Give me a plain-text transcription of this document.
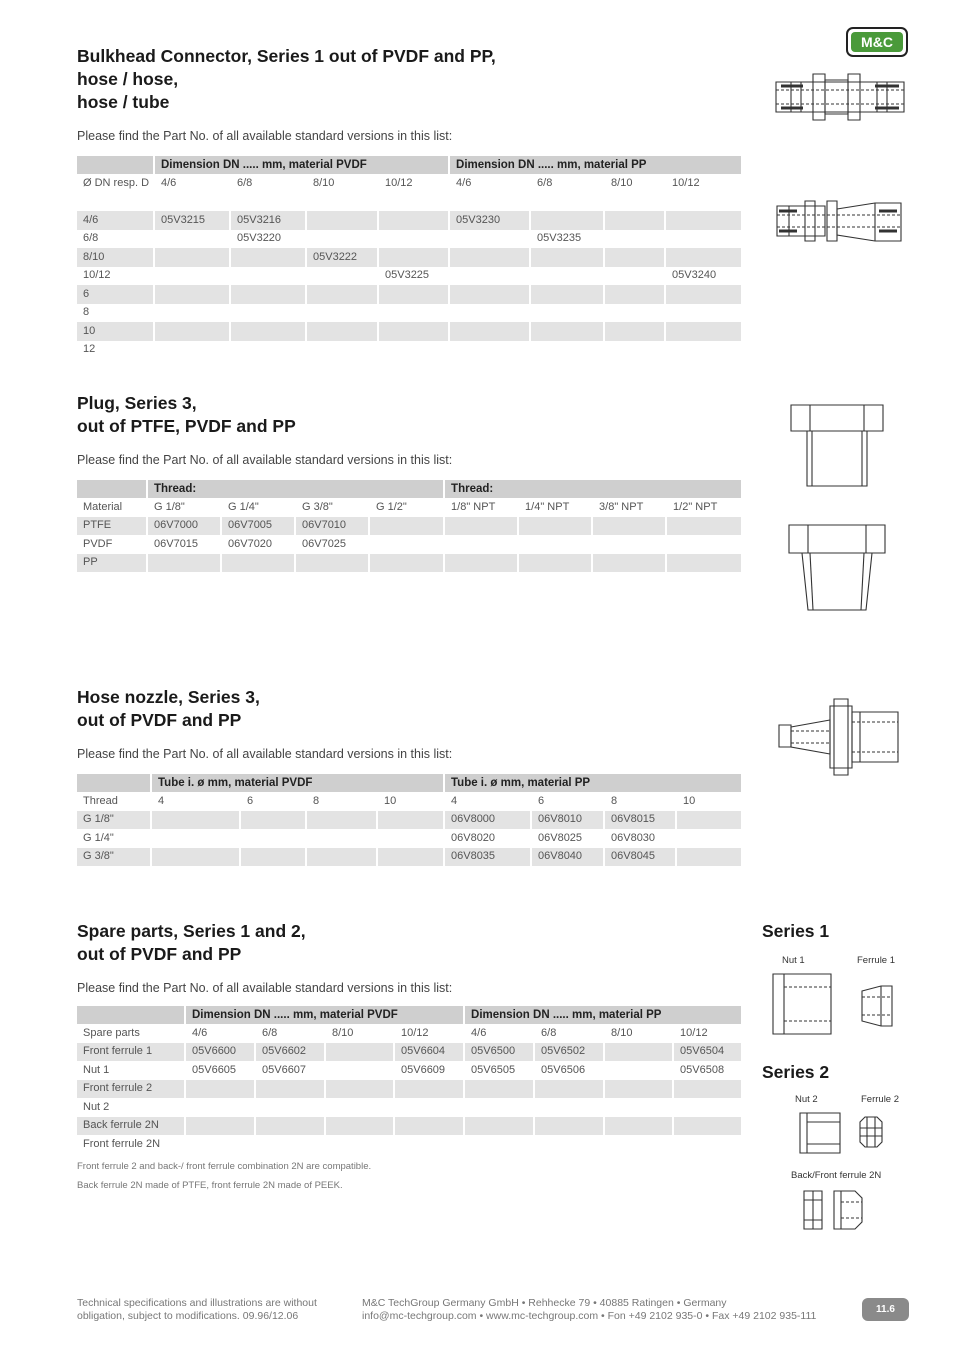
M&C
Bulkhead Connector, Series 1 out of PVDF and PP,
hose / hose,
hose / tube
Please find the Part No. of all available standard versions in this list:
	Dimension DN ..... mm, material PVDF				Dimension DN ..... mm, material PP			
Ø DN resp. D	4/6	6/8	8/10	10/12	4/6	6/8	8/10	10/12
4/6	05V3215	05V3216			05V3230			
6/8		05V3220				05V3235		
8/10			05V3222					
10/12				05V3225				05V3240
6								
8								
10								
12								
Plug, Series 3,
out of PTFE, PVDF and PP
Please find the Part No. of all available standard versions in this list:
	Thread:				Thread:			
Material	G 1/8"	G 1/4"	G 3/8"	G 1/2"	1/8" NPT	1/4" NPT	3/8" NPT	1/2" NPT
PTFE	06V7000	06V7005	06V7010					
PVDF	06V7015	06V7020	06V7025					
PP								
Hose nozzle, Series 3,
out of PVDF and PP
Please find the Part No. of all available standard versions in this list:
	Tube i. ø mm, material PVDF				Tube i. ø mm, material PP			
Thread	4	6	8	10	4	6	8	10
G 1/8"					06V8000	06V8010	06V8015	
G 1/4"					06V8020	06V8025	06V8030	
G 3/8"					06V8035	06V8040	06V8045	
Spare parts, Series 1 and 2,
out of PVDF and PP
Please find the Part No. of all available standard versions in this list:
	Dimension DN ..... mm, material PVDF				Dimension DN ..... mm, material PP			
Spare parts	4/6	6/8	8/10	10/12	4/6	6/8	8/10	10/12
Front ferrule 1	05V6600	05V6602		05V6604	05V6500	05V6502		05V6504
Nut 1	05V6605	05V6607		05V6609	05V6505	05V6506		05V6508
Front ferrule 2								
Nut 2								
Back ferrule 2N								
Front ferrule 2N								
Front ferrule 2 and back-/ front ferrule combination 2N are compatible.
Back ferrule 2N made of PTFE, front ferrule 2N made of PEEK.
Series 1
Nut 1	Ferrule 1
Series 2
Nut 2	Ferrule 2
Back/Front ferrule 2N
Technical specifications and illustrations are without
obligation, subject to modifications. 09.96/12.06
M&C TechGroup Germany GmbH • Rehhecke 79 • 40885 Ratingen • Germany
info@mc-techgroup.com • www.mc-techgroup.com • Fon +49 2102 935-0 • Fax +49 2102 935-111
11.6
